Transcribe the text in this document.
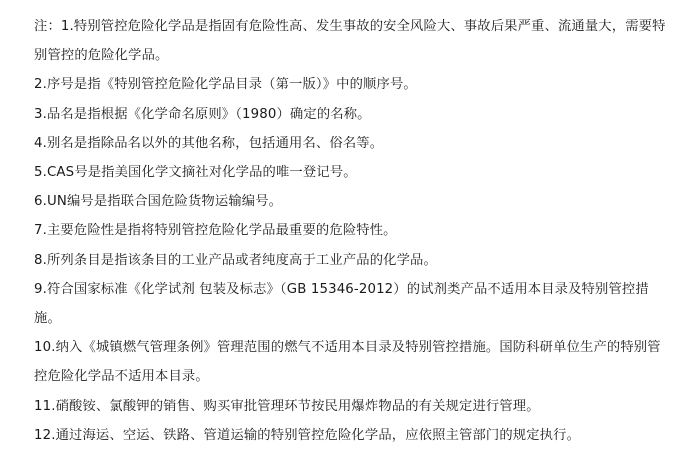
注：1.特别管控危险化学品是指固有危险性高、发生事故的安全风险大、事故后果严重、流通量大，需要特别管控的危险化学品。
2.序号是指《特别管控危险化学品目录（第一版）》中的顺序号。
3.品名是指根据《化学命名原则》（1980）确定的名称。
4.别名是指除品名以外的其他名称，包括通用名、俗名等。
5.CAS号是指美国化学文摘社对化学品的唯一登记号。
6.UN编号是指联合国危险货物运输编号。
7.主要危险性是指将特别管控危险化学品最重要的危险特性。
8.所列条目是指该条目的工业产品或者纯度高于工业产品的化学品。
9.符合国家标准《化学试剂 包装及标志》（GB 15346-2012）的试剂类产品不适用本目录及特别管控措施。
10.纳入《城镇燃气管理条例》管理范围的燃气不适用本目录及特别管控措施。国防科研单位生产的特别管控危险化学品不适用本目录。
11.硝酸铵、氯酸钾的销售、购买审批管理环节按民用爆炸物品的有关规定进行管理。
12.通过海运、空运、铁路、管道运输的特别管控危险化学品，应依照主管部门的规定执行。
